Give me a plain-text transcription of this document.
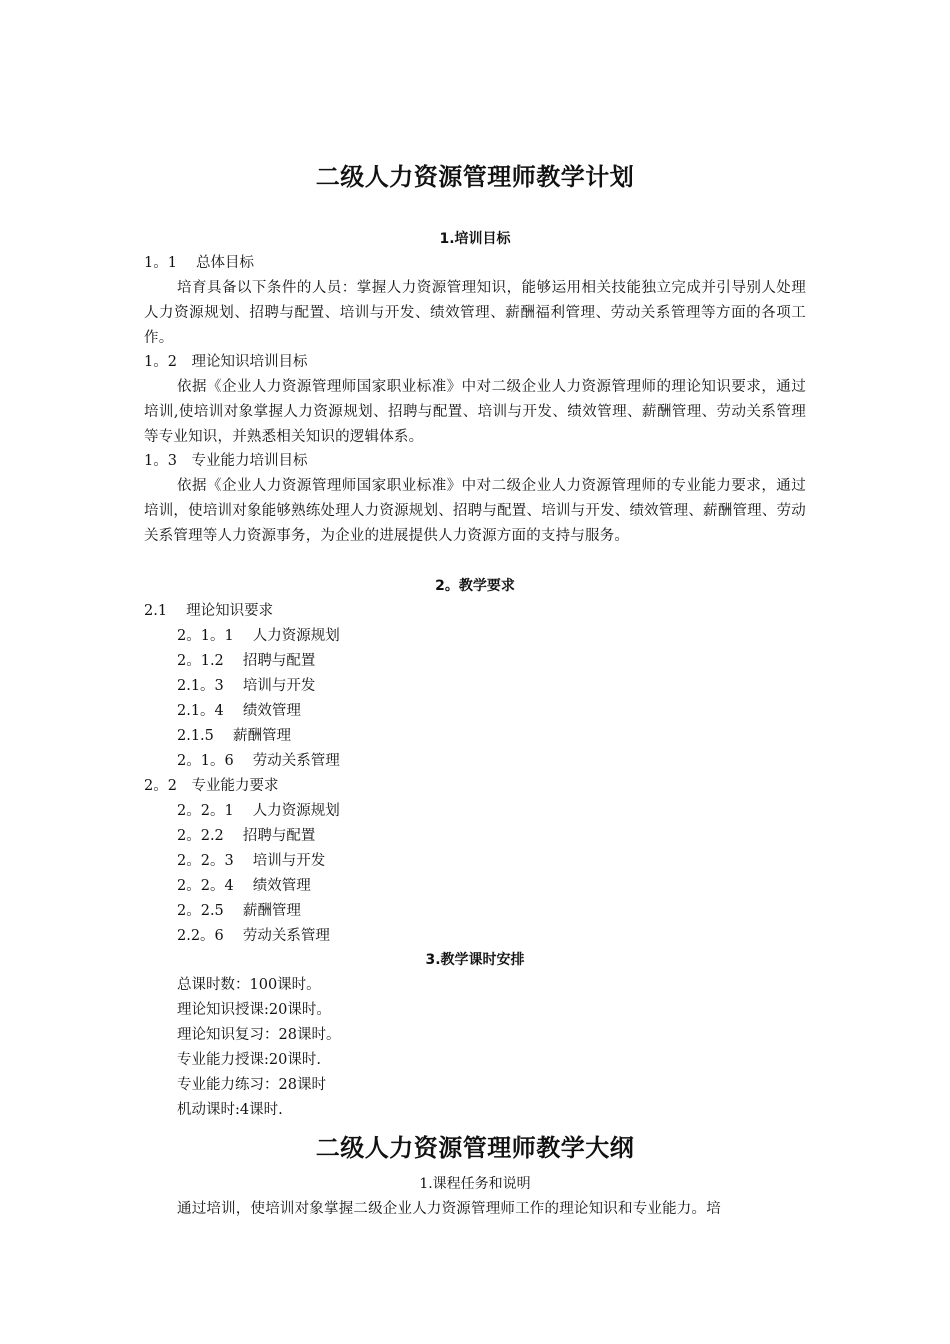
二级人力资源管理师教学计划
1.培训目标
1。1　 总体目标
培育具备以下条件的人员：掌握人力资源管理知识，能够运用相关技能独立完成并引导别人处理人力资源规划、招聘与配置、培训与开发、绩效管理、薪酬福利管理、劳动关系管理等方面的各项工作。
1。2　理论知识培训目标
依据《企业人力资源管理师国家职业标准》中对二级企业人力资源管理师的理论知识要求，通过培训,使培训对象掌握人力资源规划、招聘与配置、培训与开发、绩效管理、薪酬管理、劳动关系管理等专业知识，并熟悉相关知识的逻辑体系。
1。3　专业能力培训目标
依据《企业人力资源管理师国家职业标准》中对二级企业人力资源管理师的专业能力要求，通过培训，使培训对象能够熟练处理人力资源规划、招聘与配置、培训与开发、绩效管理、薪酬管理、劳动关系管理等人力资源事务，为企业的进展提供人力资源方面的支持与服务。
2。教学要求
2.1　 理论知识要求
2。1。1　 人力资源规划
2。1.2　 招聘与配置
2.1。3　 培训与开发
2.1。4　 绩效管理
2.1.5　 薪酬管理
2。1。6　 劳动关系管理
2。2　专业能力要求
2。2。1　 人力资源规划
2。2.2　 招聘与配置
2。2。3　 培训与开发
2。2。4　 绩效管理
2。2.5　 薪酬管理
2.2。6　 劳动关系管理
3.教学课时安排
总课时数：100课时。
理论知识授课:20课时。
理论知识复习：28课时。
专业能力授课:20课时.
专业能力练习：28课时
机动课时:4课时.
二级人力资源管理师教学大纲
1.课程任务和说明
通过培训，使培训对象掌握二级企业人力资源管理师工作的理论知识和专业能力。培
